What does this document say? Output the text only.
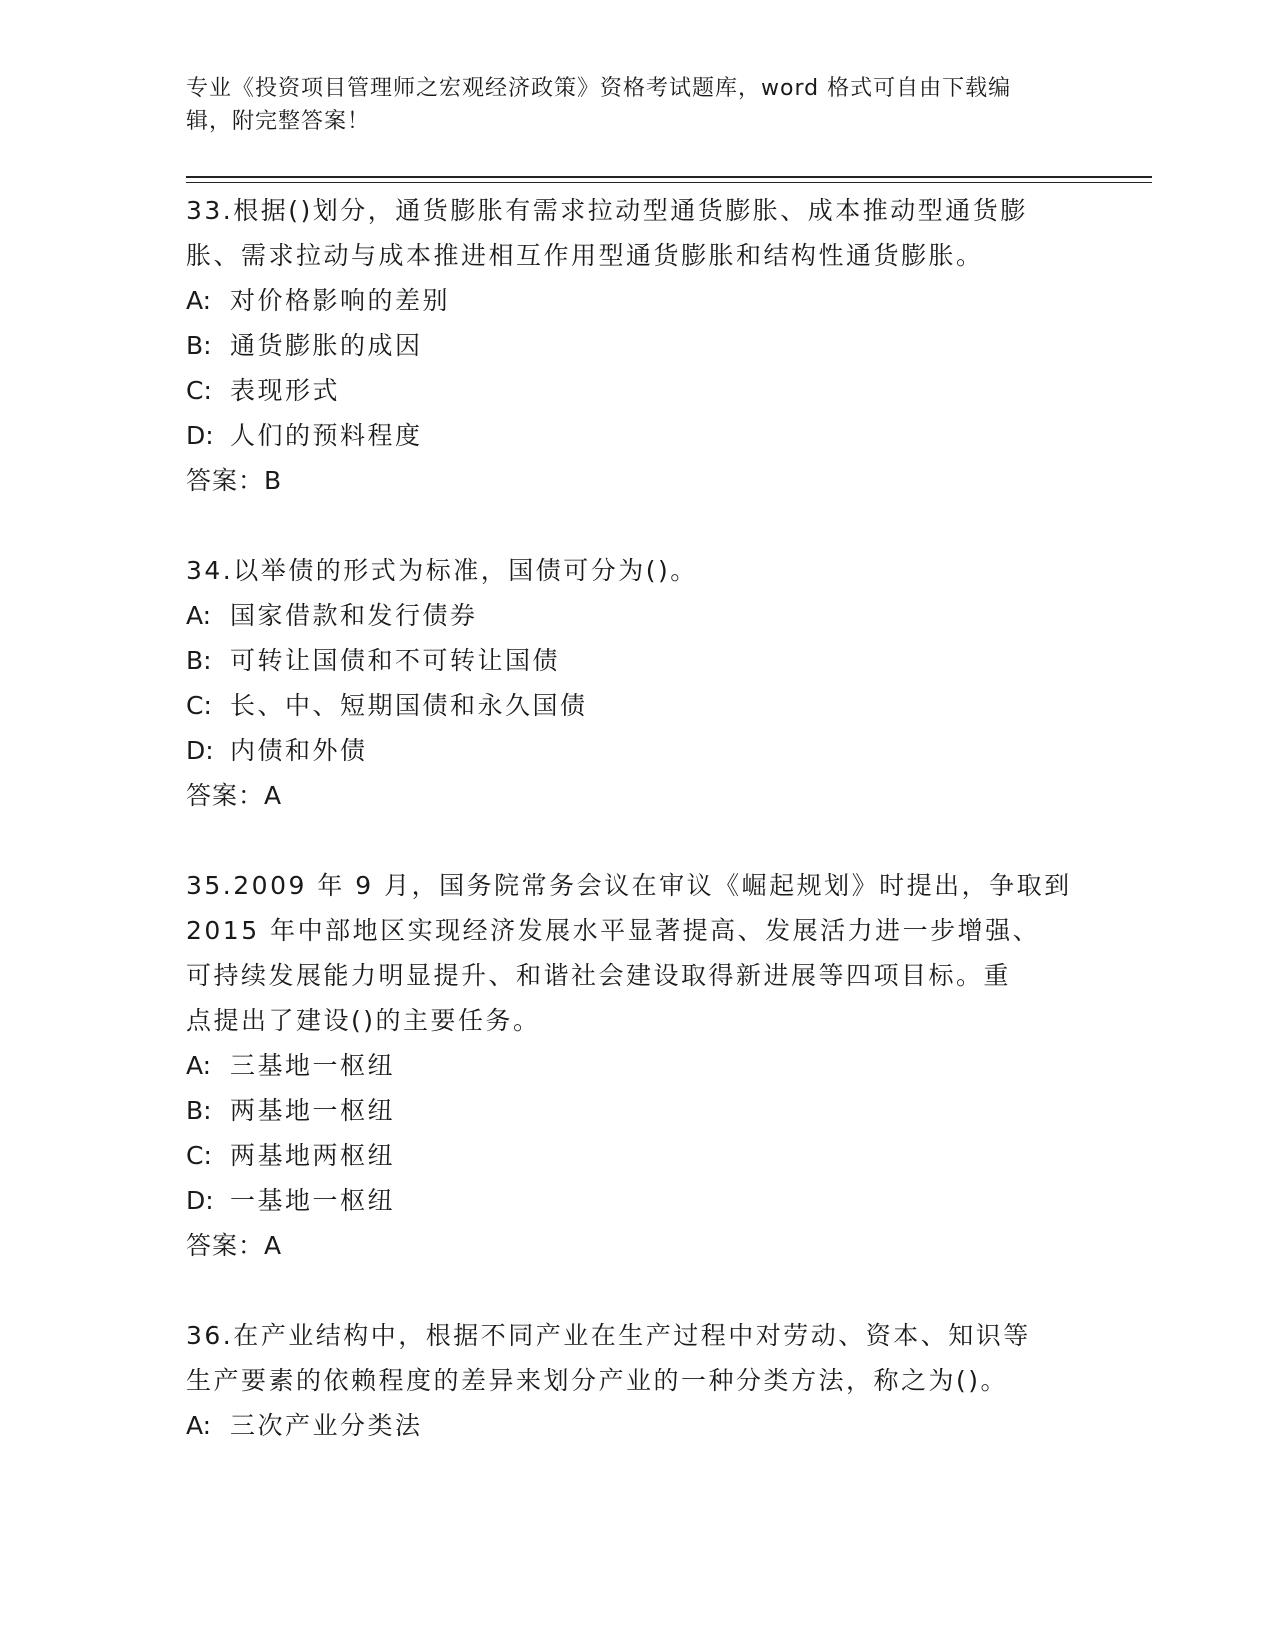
专业《投资项目管理师之宏观经济政策》资格考试题库，word 格式可自由下载编
辑，附完整答案！

33.根据()划分，通货膨胀有需求拉动型通货膨胀、成本推动型通货膨

胀、需求拉动与成本推进相互作用型通货膨胀和结构性通货膨胀。

A: 对价格影响的差别

B: 通货膨胀的成因

C: 表现形式

D: 人们的预料程度

答案：B

34.以举债的形式为标准，国债可分为()。

A: 国家借款和发行债券

B: 可转让国债和不可转让国债

C: 长、中、短期国债和永久国债

D: 内债和外债

答案：A

35.2009 年 9 月，国务院常务会议在审议《崛起规划》时提出，争取到

2015 年中部地区实现经济发展水平显著提高、发展活力进一步增强、

可持续发展能力明显提升、和谐社会建设取得新进展等四项目标。重

点提出了建设()的主要任务。

A: 三基地一枢纽

B: 两基地一枢纽

C: 两基地两枢纽

D: 一基地一枢纽

答案：A

36.在产业结构中，根据不同产业在生产过程中对劳动、资本、知识等

生产要素的依赖程度的差异来划分产业的一种分类方法，称之为()。

A: 三次产业分类法
